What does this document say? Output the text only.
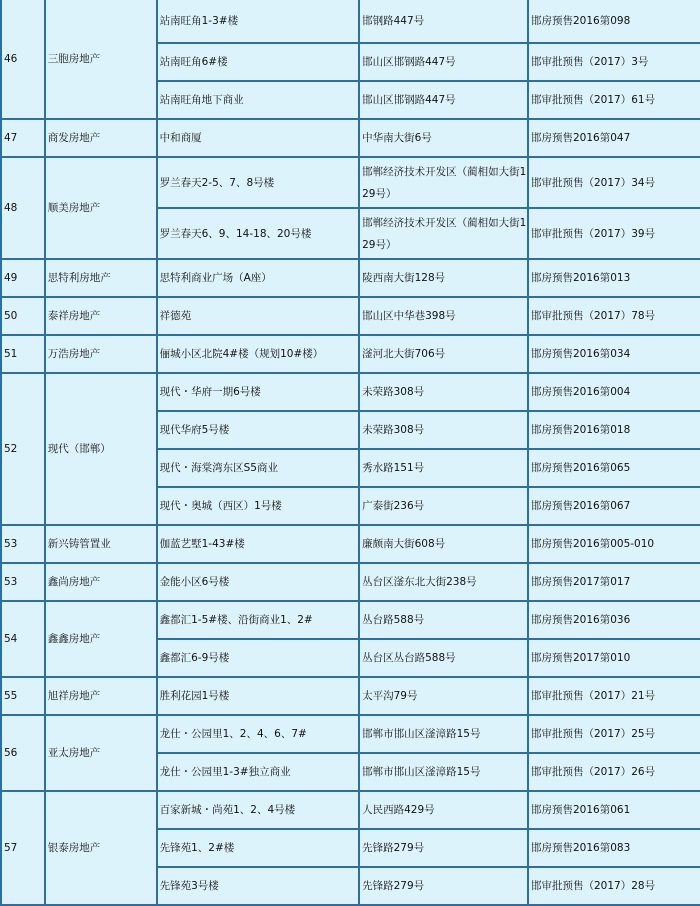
46	三胞房地产	站南旺角1-3#楼	邯钢路447号	邯房预售2016第098
		站南旺角6#楼	邯山区邯钢路447号	邯审批预售（2017）3号
		站南旺角地下商业	邯山区邯钢路447号	邯审批预售（2017）61号
47	商发房地产	中和商厦	中华南大街6号	邯房预售2016第047
48	顺美房地产	罗兰春天2-5、7、8号楼	邯郸经济技术开发区（蔺相如大街129号）	邯审批预售（2017）34号
		罗兰春天6、9、14-18、20号楼	邯郸经济技术开发区（蔺相如大街129号）	邯审批预售（2017）39号
49	思特利房地产	思特利商业广场（A座）	陵西南大街128号	邯房预售2016第013
50	泰祥房地产	祥德苑	邯山区中华巷398号	邯审批预售（2017）78号
51	万浩房地产	俪城小区北院4#楼（规划10#楼）	滏河北大街706号	邯房预售2016第034
52	现代（邯郸）	现代・华府一期6号楼	未荣路308号	邯房预售2016第004
		现代华府5号楼	未荣路308号	邯房预售2016第018
		现代・海棠湾东区S5商业	秀水路151号	邯房预售2016第065
		现代・奥城（西区）1号楼	广泰街236号	邯房预售2016第067
53	新兴铸管置业	伽蓝艺墅1-43#楼	廉颇南大街608号	邯房预售2016第005-010
53	鑫尚房地产	金能小区6号楼	丛台区滏东北大街238号	邯房预售2017第017
54	鑫鑫房地产	鑫都汇1-5#楼、沿街商业1、2#	丛台路588号	邯房预售2016第036
		鑫都汇6-9号楼	丛台区丛台路588号	邯房预售2017第010
55	旭祥房地产	胜利花园1号楼	太平沟79号	邯审批预售（2017）21号
56	亚太房地产	龙仕・公园里1、2、4、6、7#	邯郸市邯山区滏漳路15号	邯审批预售（2017）25号
		龙仕・公园里1-3#独立商业	邯郸市邯山区滏漳路15号	邯审批预售（2017）26号
57	银泰房地产	百家新城・尚苑1、2、4号楼	人民西路429号	邯房预售2016第061
		先锋苑1、2#楼	先锋路279号	邯房预售2016第083
		先锋苑3号楼	先锋路279号	邯审批预售（2017）28号
